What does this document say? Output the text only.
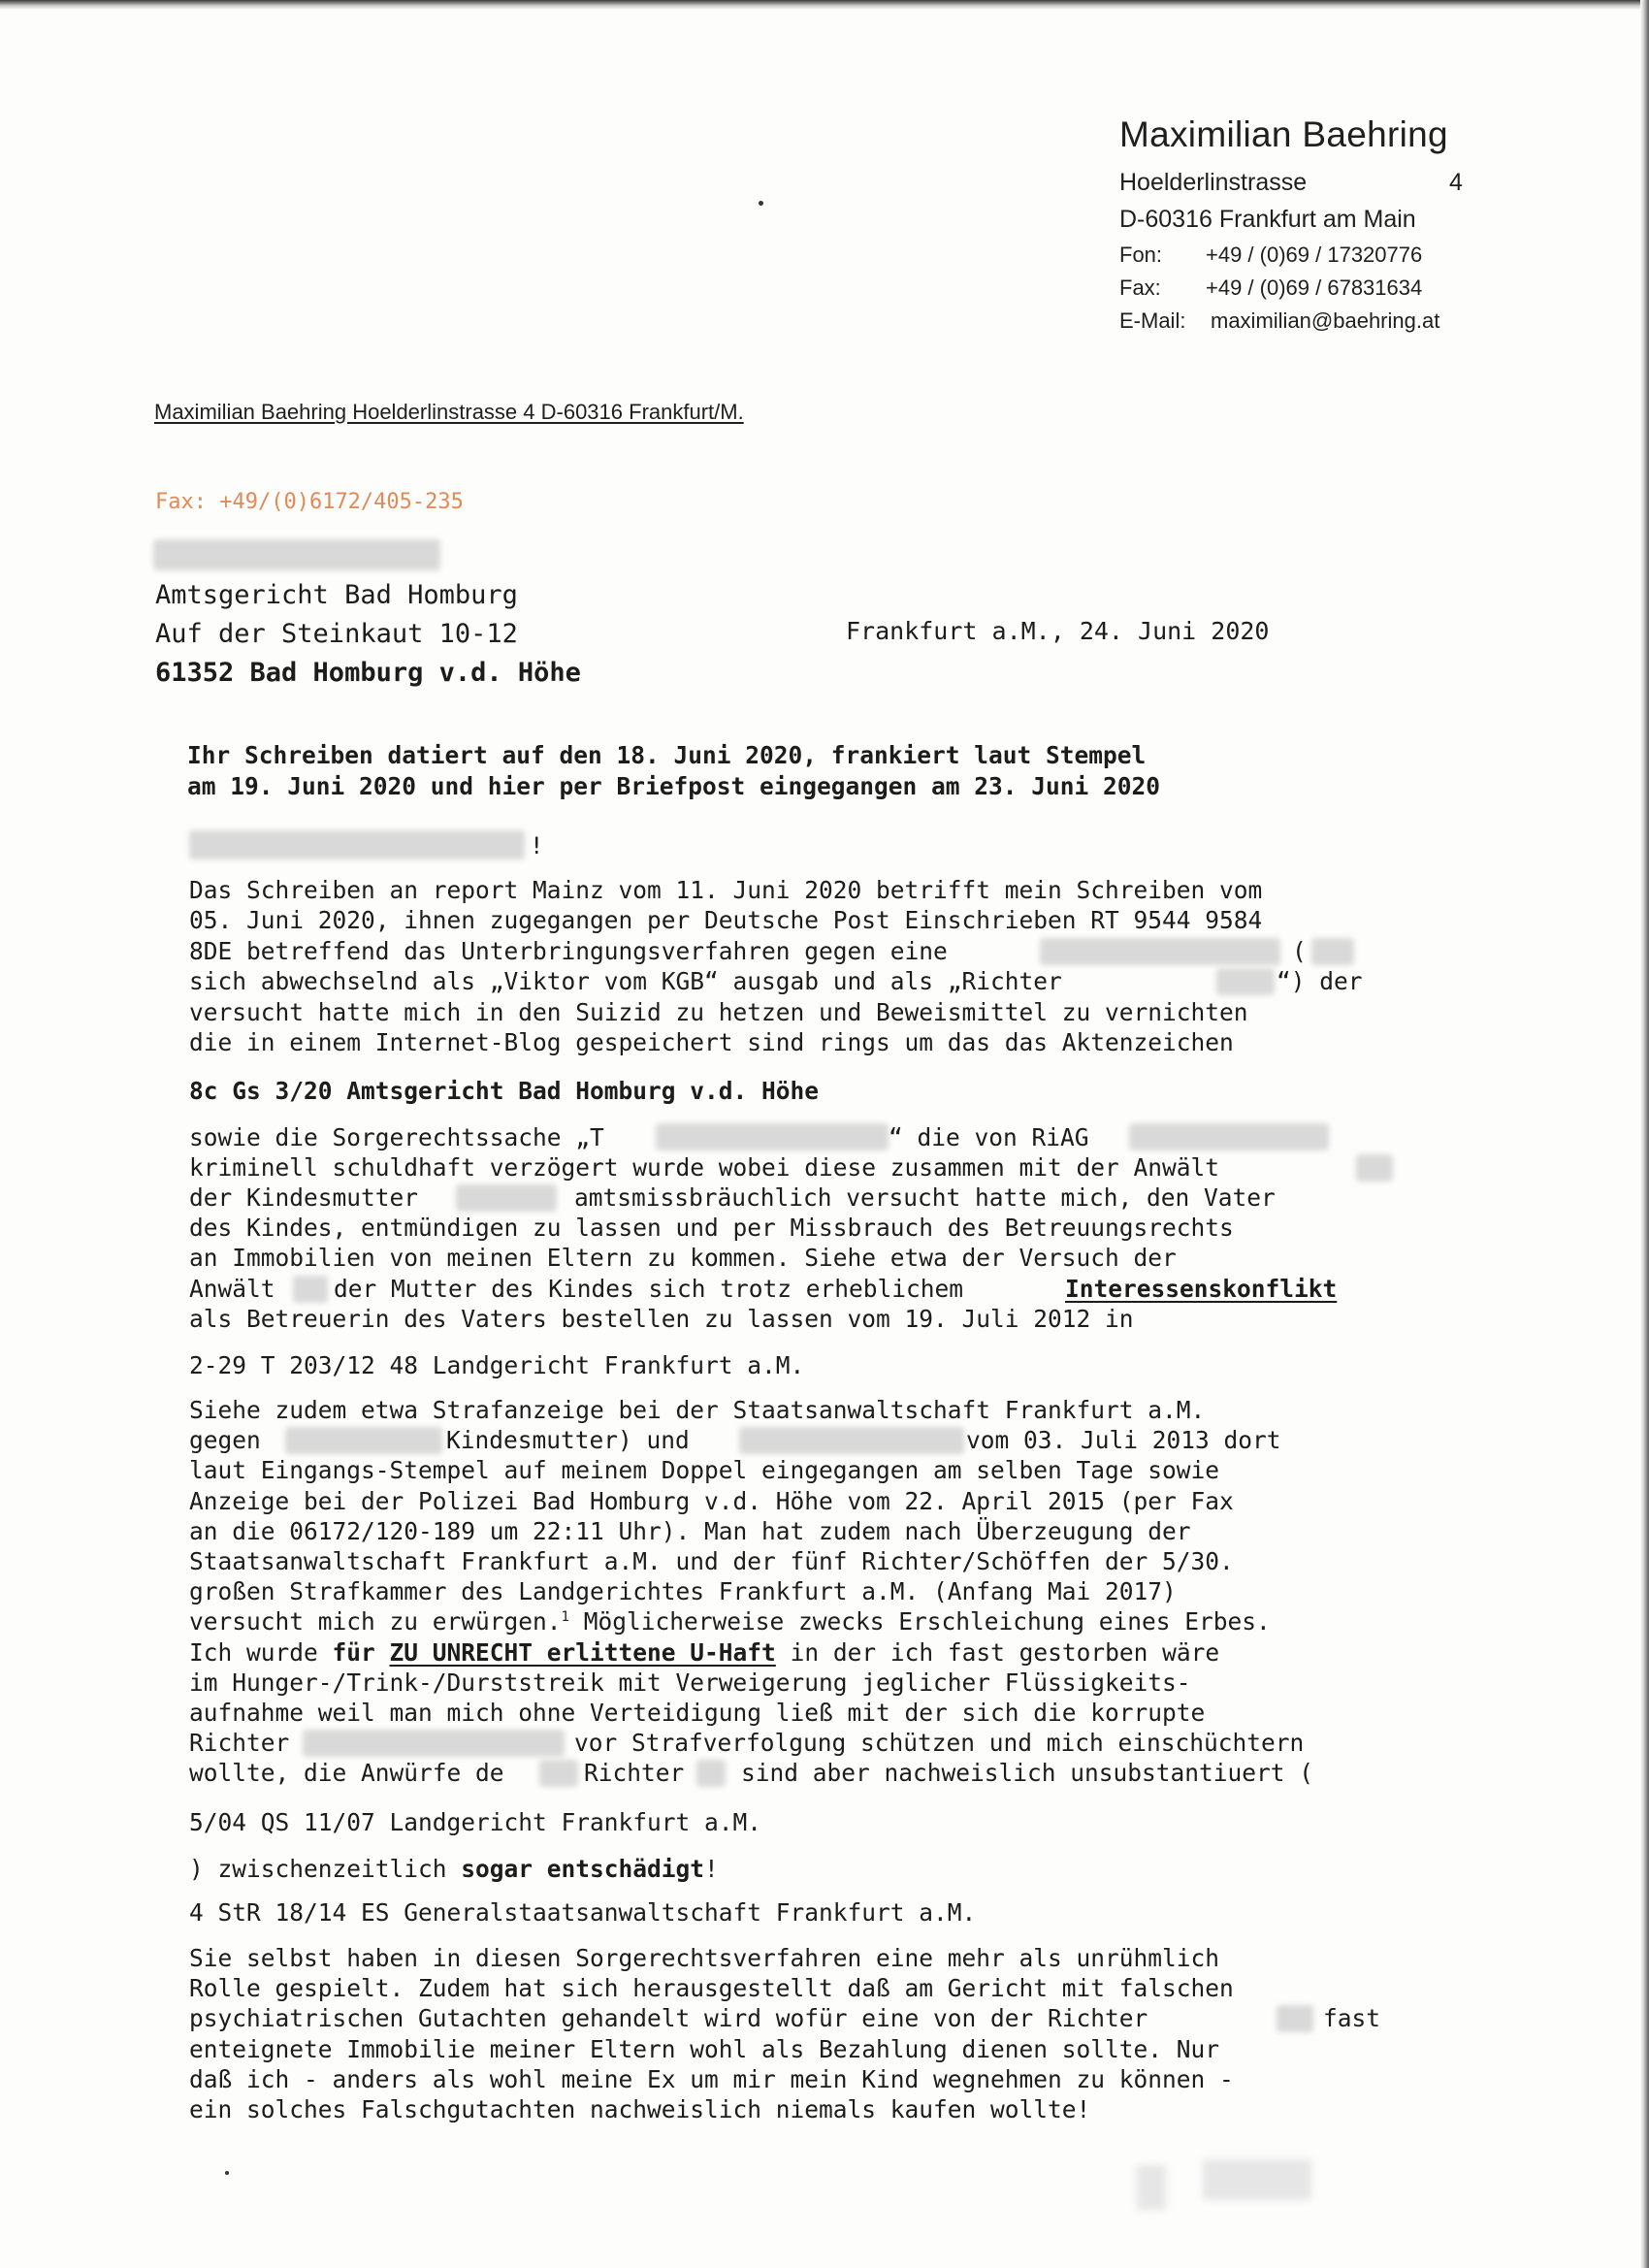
Maximilian Baehring
Hoelderlinstrasse	4
D-60316 Frankfurt am Main
Fon: +49 / (0)69 / 17320776
Fax: +49 / (0)69 / 67831634
E-Mail: maximilian@baehring.at
Maximilian Baehring Hoelderlinstrasse 4 D-60316 Frankfurt/M.
Fax: +49/(0)6172/405-235
Amtsgericht Bad Homburg
Auf der Steinkaut 10-12
61352 Bad Homburg v.d. Höhe
Frankfurt a.M., 24. Juni 2020
Ihr Schreiben datiert auf den 18. Juni 2020, frankiert laut Stempel
am 19. Juni 2020 und hier per Briefpost eingegangen am 23. Juni 2020
!
Das Schreiben an report Mainz vom 11. Juni 2020 betrifft mein Schreiben vom
05. Juni 2020, ihnen zugegangen per Deutsche Post Einschrieben RT 9544 9584
8DE betreffend das Unterbringungsverfahren gegen eine	(
sich abwechselnd als „Viktor vom KGB“ ausgab und als „Richter	“) der
versucht hatte mich in den Suizid zu hetzen und Beweismittel zu vernichten
die in einem Internet-Blog gespeichert sind rings um das das Aktenzeichen
8c Gs 3/20 Amtsgericht Bad Homburg v.d. Höhe
sowie die Sorgerechtssache „T	“ die von RiAG
kriminell schuldhaft verzögert wurde wobei diese zusammen mit der Anwält
der Kindesmutter	amtsmissbräuchlich versucht hatte mich, den Vater
des Kindes, entmündigen zu lassen und per Missbrauch des Betreuungsrechts
an Immobilien von meinen Eltern zu kommen. Siehe etwa der Versuch der
Anwält der Mutter des Kindes sich trotz erheblichem	Interessenskonflikt
als Betreuerin des Vaters bestellen zu lassen vom 19. Juli 2012 in
2-29 T 203/12 48 Landgericht Frankfurt a.M.
Siehe zudem etwa Strafanzeige bei der Staatsanwaltschaft Frankfurt a.M.
gegen	Kindesmutter) und	vom 03. Juli 2013 dort
laut Eingangs-Stempel auf meinem Doppel eingegangen am selben Tage sowie
Anzeige bei der Polizei Bad Homburg v.d. Höhe vom 22. April 2015 (per Fax
an die 06172/120-189 um 22:11 Uhr). Man hat zudem nach Überzeugung der
Staatsanwaltschaft Frankfurt a.M. und der fünf Richter/Schöffen der 5/30.
großen Strafkammer des Landgerichtes Frankfurt a.M. (Anfang Mai 2017)
versucht mich zu erwürgen.$^1$ Möglicherweise zwecks Erschleichung eines Erbes.
Ich wurde für ZU UNRECHT erlittene U-Haft in der ich fast gestorben wäre
im Hunger-/Trink-/Durststreik mit Verweigerung jeglicher Flüssigkeits-
aufnahme weil man mich ohne Verteidigung ließ mit der sich die korrupte
Richter	vor Strafverfolgung schützen und mich einschüchtern
wollte, die Anwürfe de	Richter sind aber nachweislich unsubstantiuert (
5/04 QS 11/07 Landgericht Frankfurt a.M.
) zwischenzeitlich sogar entschädigt!
4 StR 18/14 ES Generalstaatsanwaltschaft Frankfurt a.M.
Sie selbst haben in diesen Sorgerechtsverfahren eine mehr als unrühmlich
Rolle gespielt. Zudem hat sich herausgestellt daß am Gericht mit falschen
psychiatrischen Gutachten gehandelt wird wofür eine von der Richter	fast
enteignete Immobilie meiner Eltern wohl als Bezahlung dienen sollte. Nur
daß ich - anders als wohl meine Ex um mir mein Kind wegnehmen zu können -
ein solches Falschgutachten nachweislich niemals kaufen wollte!
